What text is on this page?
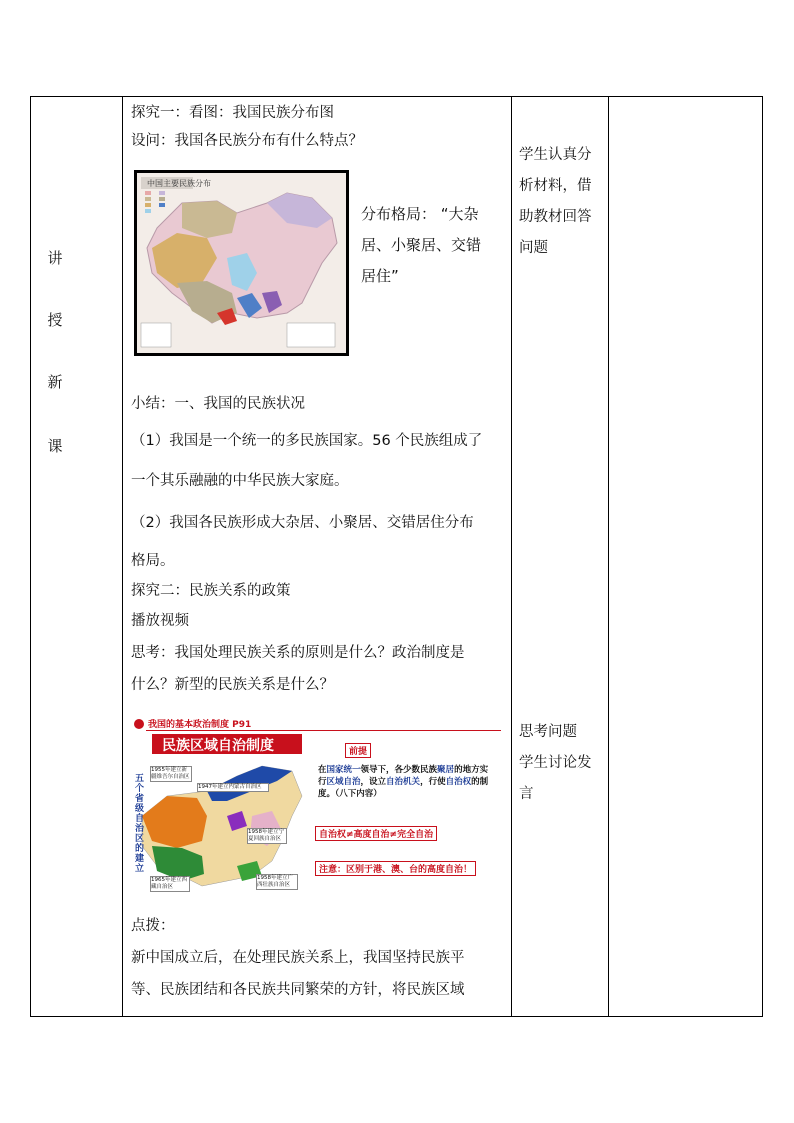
讲
授
新
课
探究一：看图：我国民族分布图
设问：我国各民族分布有什么特点？
中国主要民族分布
分布格局： “大杂
居、小聚居、交错
居住”
小结：一、我国的民族状况
（1）我国是一个统一的多民族国家。56 个民族组成了
一个其乐融融的中华民族大家庭。
（2）我国各民族形成大杂居、小聚居、交错居住分布
格局。
探究二：民族关系的政策
播放视频
思考：我国处理民族关系的原则是什么？政治制度是
什么？新型的民族关系是什么？
点拨：
新中国成立后，在处理民族关系上，我国坚持民族平
等、民族团结和各民族共同繁荣的方针，将民族区域
学生认真分
析材料，借
助教材回答
问题
思考问题
学生讨论发
言
我国的基本政治制度 P91
民族区域自治制度
五个省级自治区的建立
1955年建立新疆维吾尔自治区
1947年建立内蒙古自治区
1958年建立宁夏回族自治区
1965年建立西藏自治区
1958年建立广西壮族自治区
前提
在国家统一领导下，各少数民族聚居的地方实行区域自治，设立自治机关，行使自治权的制度。（八下内容）
自治权≠高度自治≠完全自治
注意：区别于港、澳、台的高度自治！
